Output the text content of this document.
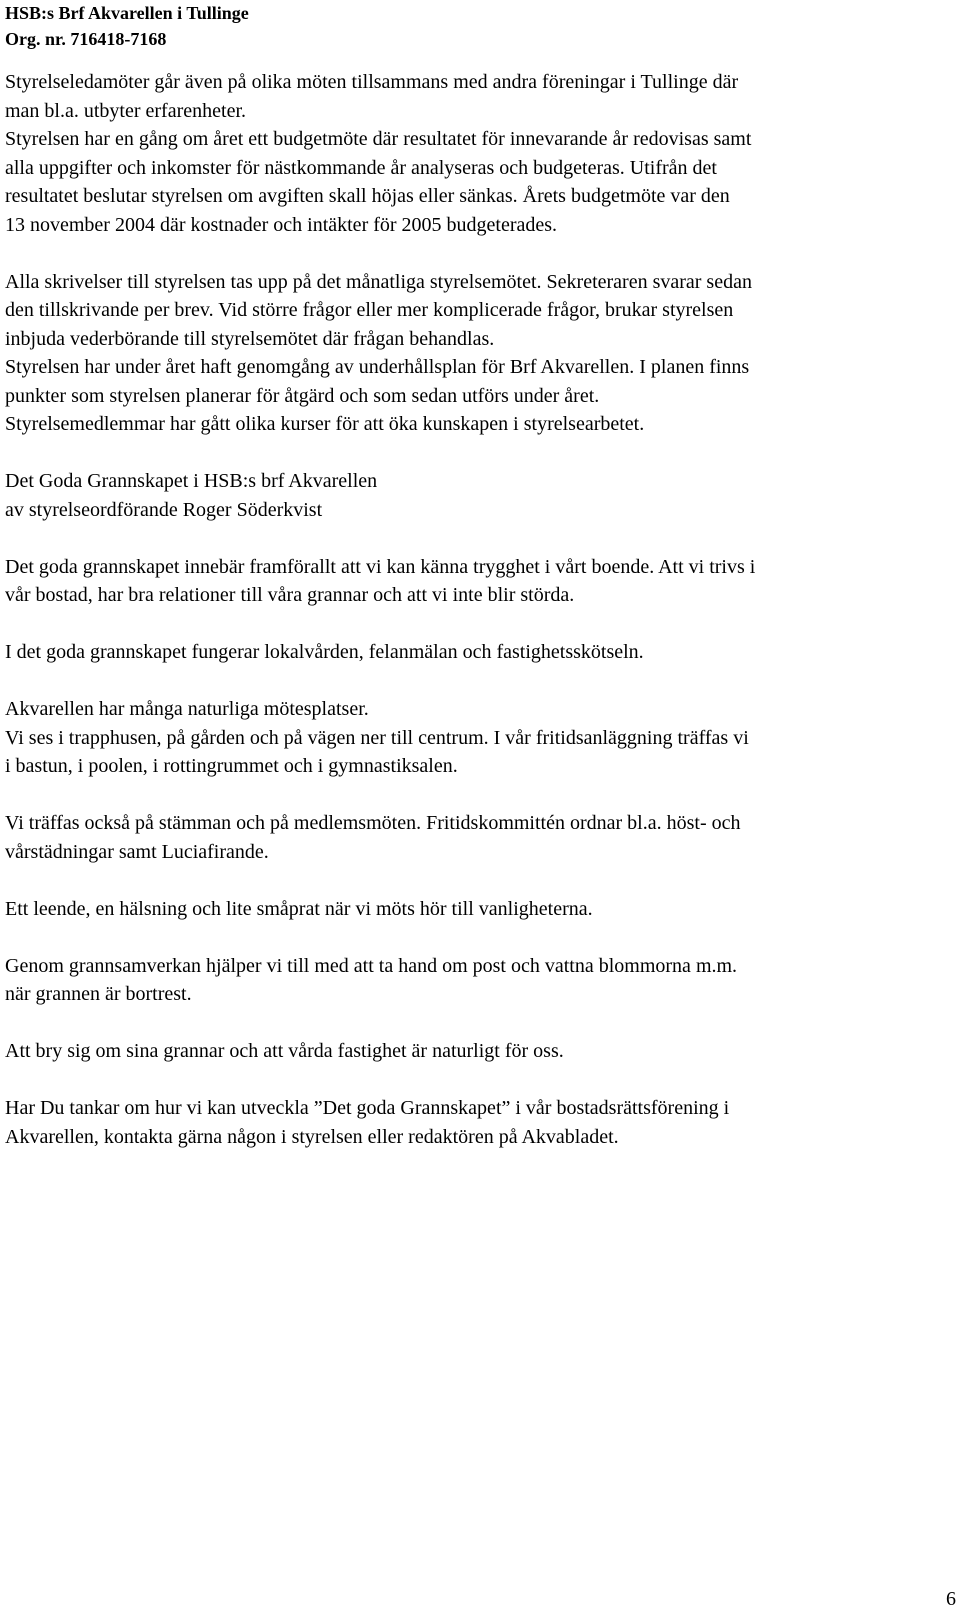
HSB:s Brf Akvarellen i Tullinge
Org. nr. 716418-7168

Styrelseledamöter går även på olika möten tillsammans med andra föreningar i Tullinge där
man bl.a. utbyter erfarenheter.
Styrelsen har en gång om året ett budgetmöte där resultatet för innevarande år redovisas samt
alla uppgifter och inkomster för nästkommande år analyseras och budgeteras. Utifrån det
resultatet beslutar styrelsen om avgiften skall höjas eller sänkas. Årets budgetmöte var den
13 november 2004 där kostnader och intäkter för 2005 budgeterades.

Alla skrivelser till styrelsen tas upp på det månatliga styrelsemötet. Sekreteraren svarar sedan
den tillskrivande per brev. Vid större frågor eller mer komplicerade frågor, brukar styrelsen
inbjuda vederbörande till styrelsemötet där frågan behandlas.
Styrelsen har under året haft genomgång av underhållsplan för Brf Akvarellen. I planen finns
punkter som styrelsen planerar för åtgärd och som sedan utförs under året.
Styrelsemedlemmar har gått olika kurser för att öka kunskapen i styrelsearbetet.

Det Goda Grannskapet i HSB:s brf Akvarellen
av styrelseordförande Roger Söderkvist

Det goda grannskapet innebär framförallt att vi kan känna trygghet i vårt boende. Att vi trivs i
vår bostad, har bra relationer till våra grannar och att vi inte blir störda.

I det goda grannskapet fungerar lokalvården, felanmälan och fastighetsskötseln.

Akvarellen har många naturliga mötesplatser.
Vi ses i trapphusen, på gården och på vägen ner till centrum. I vår fritidsanläggning träffas vi
i bastun, i poolen, i rottingrummet och i gymnastiksalen.

Vi träffas också på stämman och på medlemsmöten. Fritidskommittén ordnar bl.a. höst- och
vårstädningar samt Luciafirande.

Ett leende, en hälsning och lite småprat när vi möts hör till vanligheterna.

Genom grannsamverkan hjälper vi till med att ta hand om post och vattna blommorna m.m.
när grannen är bortrest.

Att bry sig om sina grannar och att vårda fastighet är naturligt för oss.

Har Du tankar om hur vi kan utveckla ”Det goda Grannskapet” i vår bostadsrättsförening i
Akvarellen, kontakta gärna någon i styrelsen eller redaktören på Akvabladet.

6
